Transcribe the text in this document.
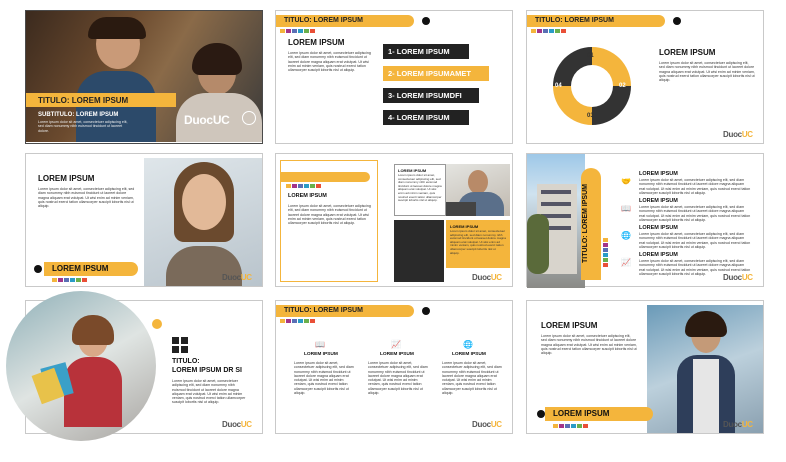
TITULO: LOREM IPSUM
SUBTITULO: LOREM IPSUM
Lorem ipsum dolor sit amet, consectetuer adipiscing elit, sed diam nonummy nibh euismod tincidunt ut laoreet dolore.
DuocUC
TITULO: LOREM IPSUM
LOREM IPSUM
Lorem ipsum dolor sit amet, consectetuer adipiscing elit, sed diam nonummy nibh euismod tincidunt ut laoreet dolore magna aliquam erat volutpat. Ut wisi enim ad minim veniam, quis nostrud exerci tation ullamcorper suscipit lobortis nisl ut aliquip.
1- LOREM IPSUM
2- LOREM IPSUMAMET
3- LOREM IPSUMDFI
4- LOREM IPSUM
TITULO: LOREM IPSUM
01
02
03
04
LOREM IPSUM
Lorem ipsum dolor sit amet, consectetuer adipiscing elit, sed diam nonummy nibh euismod tincidunt ut laoreet dolore magna aliquam erat volutpat. Ut wisi enim ad minim veniam, quis nostrud exerci tation ullamcorper suscipit lobortis nisl ut aliquip.
DuocUC
LOREM IPSUM
Lorem ipsum dolor sit amet, consectetuer adipiscing elit, sed diam nonummy nibh euismod tincidunt ut laoreet dolore magna aliquam erat volutpat. Ut wisi enim ad minim veniam, quis nostrud exerci tation ullamcorper suscipit lobortis nisl ut aliquip.
LOREM IPSUM
DuocUC
LOREM IPSUM
Lorem ipsum dolor sit amet, consectetuer adipiscing elit, sed diam nonummy nibh euismod tincidunt ut laoreet dolore magna aliquam erat volutpat. Ut wisi enim ad minim veniam, quis nostrud exerci tation ullamcorper suscipit lobortis nisl ut aliquip.
LOREM IPSUM
Lorem ipsum dolor sit amet, consectetuer adipiscing elit, sed diam nonummy nibh euismod tincidunt ut laoreet dolore magna aliquam erat volutpat. Ut wisi enim ad minim veniam, quis nostrud exerci tation ullamcorper suscipit lobortis nisl ut aliquip.
LOREM IPSUM
Lorem ipsum dolor sit amet, consectetuer adipiscing elit, sed diam nonummy nibh euismod tincidunt ut laoreet dolore magna aliquam erat volutpat. Ut wisi enim ad minim veniam, quis nostrud exerci tation ullamcorper suscipit lobortis nisl ut aliquip.
DuocUC
TITULO: LOREM IPSUM
🤝
LOREM IPSUM
Lorem ipsum dolor sit amet, consectetuer adipiscing elit, sed diam nonummy nibh euismod tincidunt ut laoreet dolore magna aliquam erat volutpat. Ut wisi enim ad minim veniam, quis nostrud exerci tation ullamcorper suscipit lobortis nisl ut aliquip.
📖
LOREM IPSUM
Lorem ipsum dolor sit amet, consectetuer adipiscing elit, sed diam nonummy nibh euismod tincidunt ut laoreet dolore magna aliquam erat volutpat. Ut wisi enim ad minim veniam, quis nostrud exerci tation ullamcorper suscipit lobortis nisl ut aliquip.
🌐
LOREM IPSUM
Lorem ipsum dolor sit amet, consectetuer adipiscing elit, sed diam nonummy nibh euismod tincidunt ut laoreet dolore magna aliquam erat volutpat. Ut wisi enim ad minim veniam, quis nostrud exerci tation ullamcorper suscipit lobortis nisl ut aliquip.
📈
LOREM IPSUM
Lorem ipsum dolor sit amet, consectetuer adipiscing elit, sed diam nonummy nibh euismod tincidunt ut laoreet dolore magna aliquam erat volutpat. Ut wisi enim ad minim veniam, quis nostrud exerci tation ullamcorper suscipit lobortis nisl ut aliquip.	DuocUC
TITULO:
LOREM IPSUM DR SI
Lorem ipsum dolor sit amet, consectetuer adipiscing elit, sed diam nonummy nibh euismod tincidunt ut laoreet dolore magna aliquam erat volutpat. Ut wisi enim ad minim veniam, quis nostrud exerci tation ullamcorper suscipit lobortis nisl ut aliquip.
DuocUC
TITULO: LOREM IPSUM
📖
LOREM IPSUM
Lorem ipsum dolor sit amet, consectetuer adipiscing elit, sed diam nonummy nibh euismod tincidunt ut laoreet dolore magna aliquam erat volutpat. Ut wisi enim ad minim veniam, quis nostrud exerci tation ullamcorper suscipit lobortis nisl ut aliquip.
📈
LOREM IPSUM
Lorem ipsum dolor sit amet, consectetuer adipiscing elit, sed diam nonummy nibh euismod tincidunt ut laoreet dolore magna aliquam erat volutpat. Ut wisi enim ad minim veniam, quis nostrud exerci tation ullamcorper suscipit lobortis nisl ut aliquip.
🌐
LOREM IPSUM
Lorem ipsum dolor sit amet, consectetuer adipiscing elit, sed diam nonummy nibh euismod tincidunt ut laoreet dolore magna aliquam erat volutpat. Ut wisi enim ad minim veniam, quis nostrud exerci tation ullamcorper suscipit lobortis nisl ut aliquip.
DuocUC
LOREM IPSUM
Lorem ipsum dolor sit amet, consectetuer adipiscing elit, sed diam nonummy nibh euismod tincidunt ut laoreet dolore magna aliquam erat volutpat. Ut wisi enim ad minim veniam, quis nostrud exerci tation ullamcorper suscipit lobortis nisl ut aliquip.
LOREM IPSUM
DuocUC
